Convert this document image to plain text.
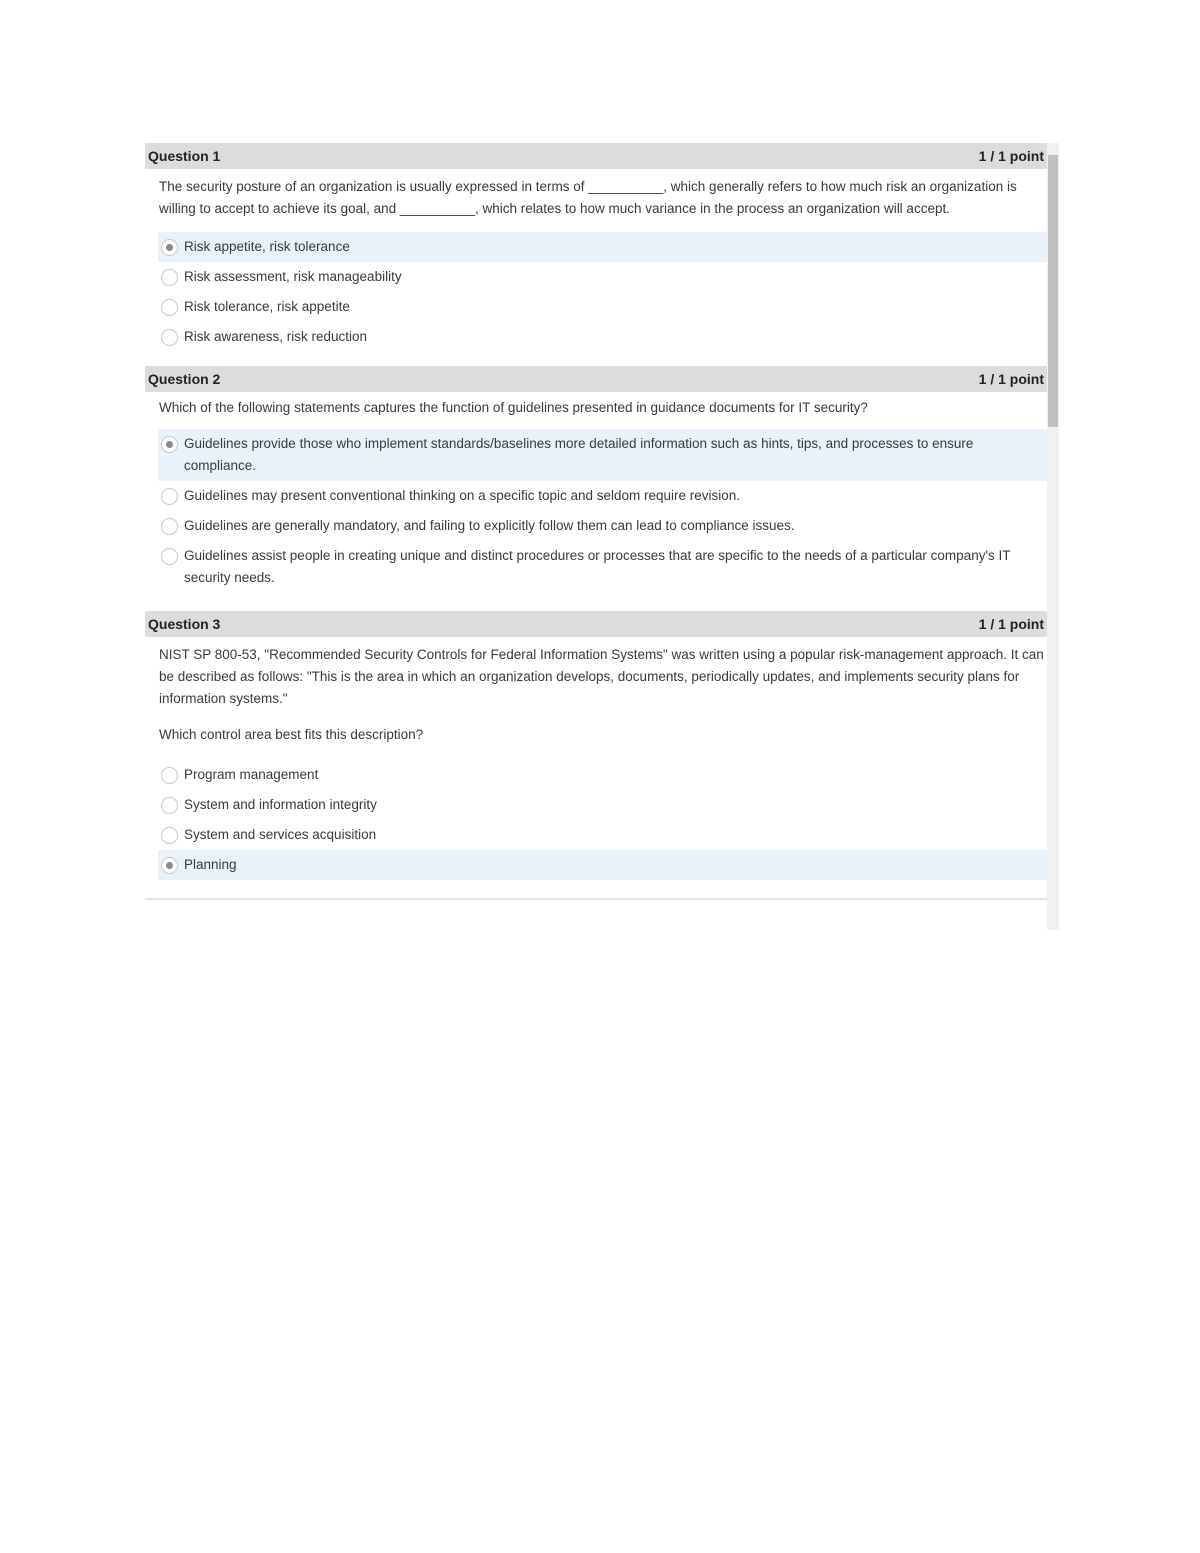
Question 1	1 / 1 point

The security posture of an organization is usually expressed in terms of __________, which generally refers to how much risk an organization is willing to accept to achieve its goal, and __________, which relates to how much variance in the process an organization will accept.

Risk appetite, risk tolerance
Risk assessment, risk manageability
Risk tolerance, risk appetite
Risk awareness, risk reduction
Question 2	1 / 1 point

Which of the following statements captures the function of guidelines presented in guidance documents for IT security?

Guidelines provide those who implement standards/baselines more detailed information such as hints, tips, and processes to ensure compliance.
Guidelines may present conventional thinking on a specific topic and seldom require revision.
Guidelines are generally mandatory, and failing to explicitly follow them can lead to compliance issues.
Guidelines assist people in creating unique and distinct procedures or processes that are specific to the needs of a particular company's IT security needs.
Question 3	1 / 1 point

NIST SP 800-53, "Recommended Security Controls for Federal Information Systems" was written using a popular risk-management approach. It can be described as follows: "This is the area in which an organization develops, documents, periodically updates, and implements security plans for information systems."

Which control area best fits this description?

Program management
System and information integrity
System and services acquisition
Planning
